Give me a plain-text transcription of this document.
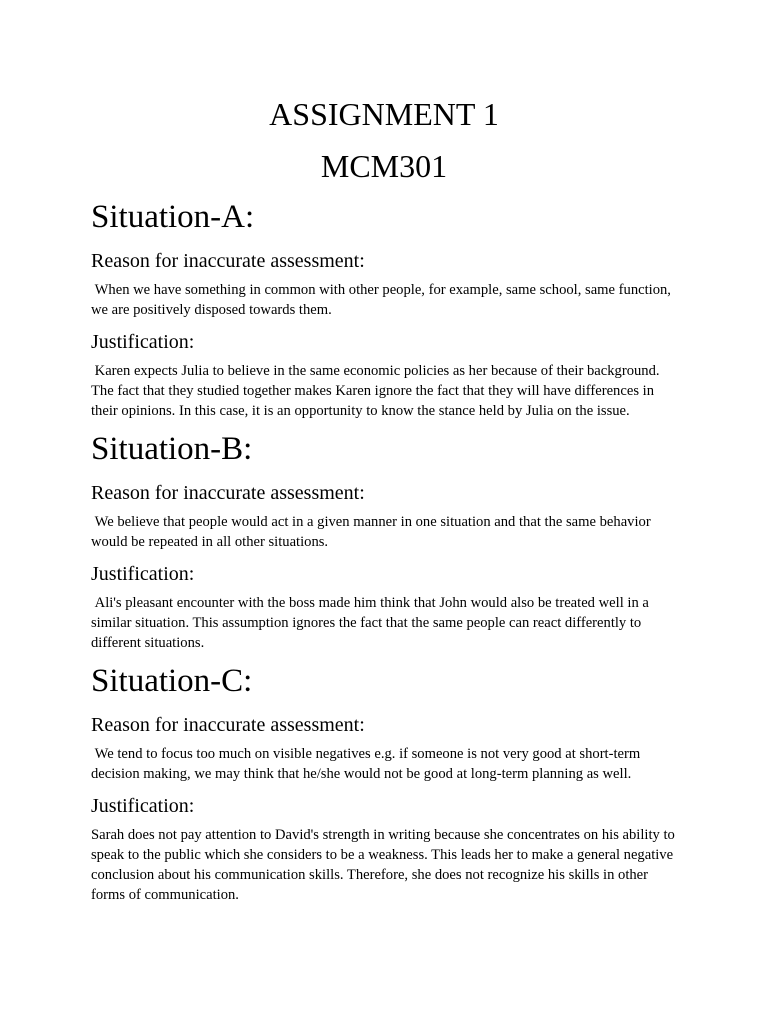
ASSIGNMENT 1
MCM301
Situation-A:
Reason for inaccurate assessment:

When we have something in common with other people, for example, same school, same function, we are positively disposed towards them.

Justification:

Karen expects Julia to believe in the same economic policies as her because of their background. The fact that they studied together makes Karen ignore the fact that they will have differences in their opinions. In this case, it is an opportunity to know the stance held by Julia on the issue.

Situation-B:
Reason for inaccurate assessment:

We believe that people would act in a given manner in one situation and that the same behavior would be repeated in all other situations.

Justification:

Ali's pleasant encounter with the boss made him think that John would also be treated well in a similar situation. This assumption ignores the fact that the same people can react differently to different situations.

Situation-C:
Reason for inaccurate assessment:

We tend to focus too much on visible negatives e.g. if someone is not very good at short-term decision making, we may think that he/she would not be good at long-term planning as well.

Justification:

Sarah does not pay attention to David's strength in writing because she concentrates on his ability to speak to the public which she considers to be a weakness. This leads her to make a general negative conclusion about his communication skills. Therefore, she does not recognize his skills in other forms of communication.
